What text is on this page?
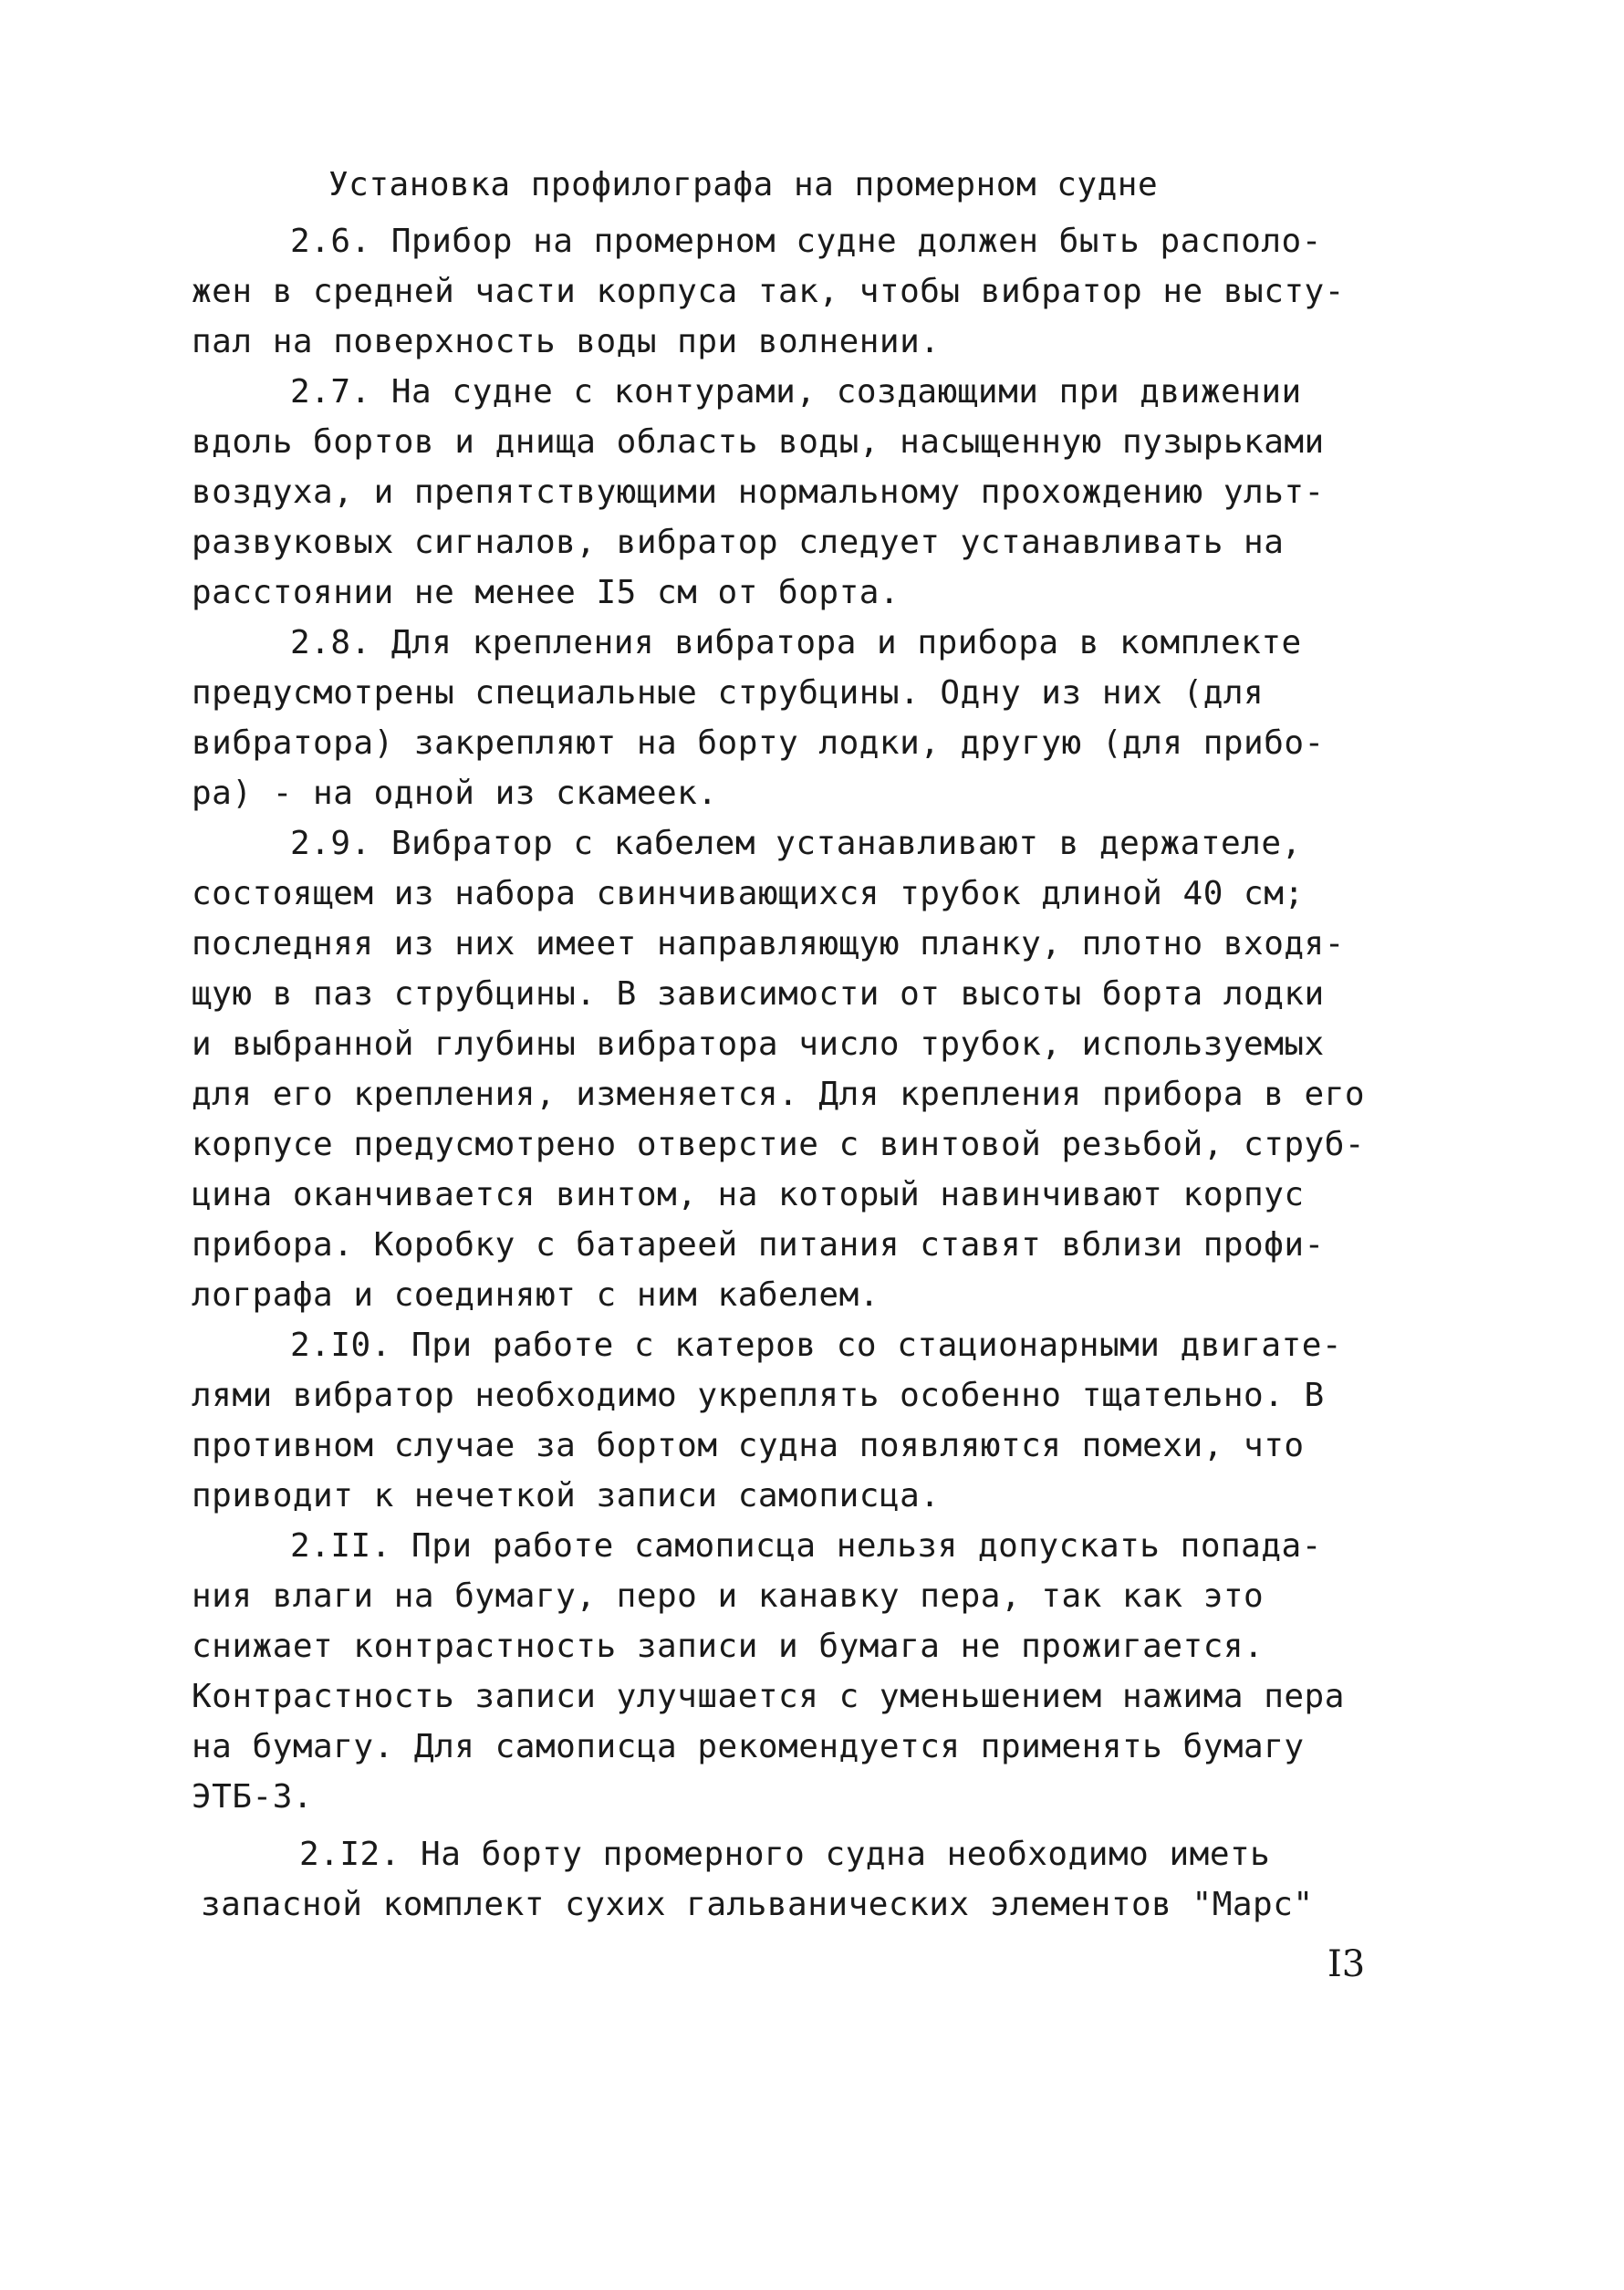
Установка профилографа на промерном судне
2.6. Прибор на промерном судне должен быть располо-
жен в средней части корпуса так, чтобы вибратор не высту-
пал на поверхность воды при волнении.
2.7. На судне с контурами, создающими при движении
вдоль бортов и днища область воды, насыщенную пузырьками
воздуха, и препятствующими нормальному прохождению ульт-
развуковых сигналов, вибратор следует устанавливать на
расстоянии не менее I5 см от борта.
2.8. Для крепления вибратора и прибора в комплекте
предусмотрены специальные струбцины. Одну из них (для
вибратора) закрепляют на борту лодки, другую (для прибо-
ра) - на одной из скамеек.
2.9. Вибратор с кабелем устанавливают в держателе,
состоящем из набора свинчивающихся трубок длиной 40 см;
последняя из них имеет направляющую планку, плотно входя-
щую в паз струбцины. В зависимости от высоты борта лодки
и выбранной глубины вибратора число трубок, используемых
для его крепления, изменяется. Для крепления прибора в его
корпусе предусмотрено отверстие с винтовой резьбой, струб-
цина оканчивается винтом, на который навинчивают корпус
прибора. Коробку с батареей питания ставят вблизи профи-
лографа и соединяют с ним кабелем.
2.I0. При работе с катеров со стационарными двигате-
лями вибратор необходимо укреплять особенно тщательно. В
противном случае за бортом судна появляются помехи, что
приводит к нечеткой записи самописца.
2.II. При работе самописца нельзя допускать попада-
ния влаги на бумагу, перо и канавку пера, так как это
снижает контрастность записи и бумага не прожигается.
Контрастность записи улучшается с уменьшением нажима пера
на бумагу. Для самописца рекомендуется применять бумагу
ЭТБ-3.
2.I2. На борту промерного судна необходимо иметь
запасной комплект сухих гальванических элементов "Марс"
I3
